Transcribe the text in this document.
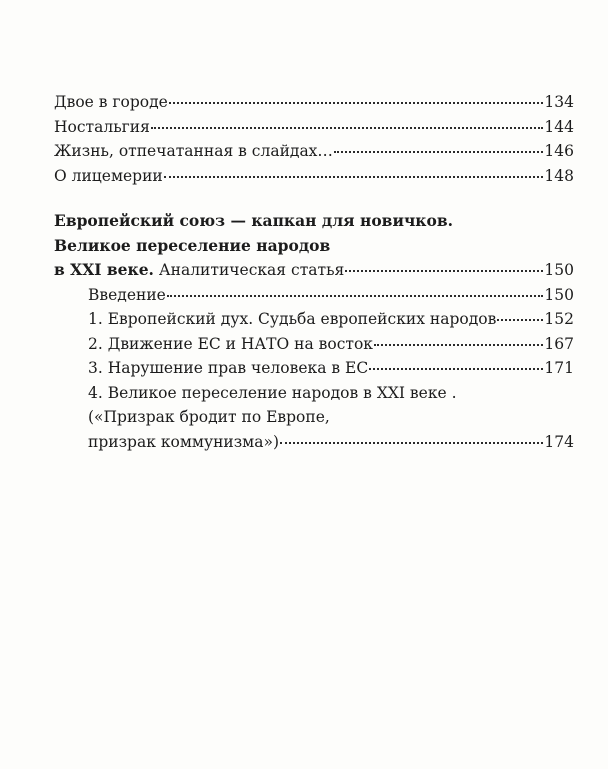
Двое в городе	134
Ностальгия	144
Жизнь, отпечатанная в слайдах…	146
О лицемерии	148
Европейский союз — капкан для новичков.
Великое переселение народов
в XXI веке. Аналитическая статья	150
Введение	150
1. Европейский дух. Судьба европейских народов	152
2. Движение ЕС и НАТО на восток	167
3. Нарушение прав человека в ЕС	171
4. Великое переселение народов в XXI веке .
(«Призрак бродит по Европе,
призрак коммунизма»)	174
